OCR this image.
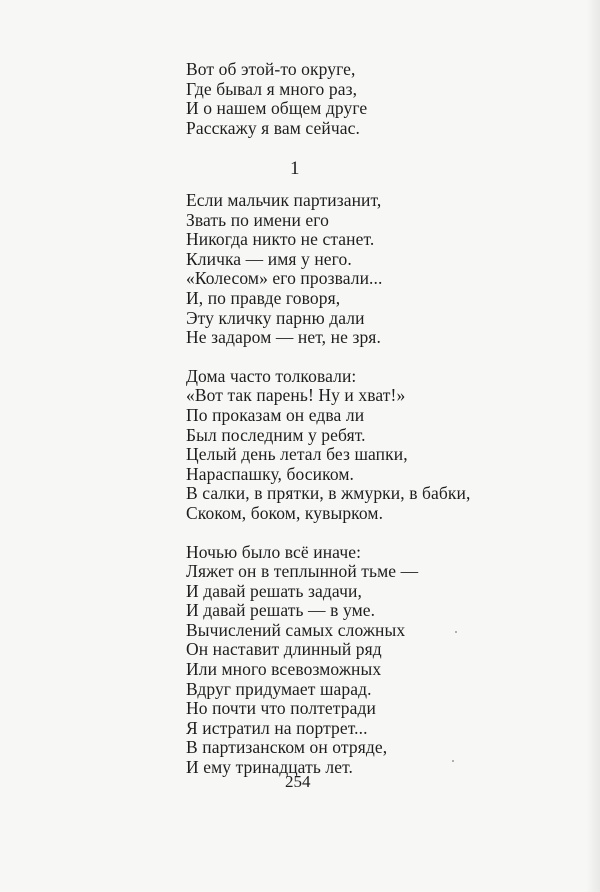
Вот об этой-то округе,
Где бывал я много раз,
И о нашем общем друге
Расскажу я вам сейчас.
1
Если мальчик партизанит,
Звать по имени его
Никогда никто не станет.
Кличка — имя у него.
«Колесом» его прозвали...
И, по правде говоря,
Эту кличку парню дали
Не задаром — нет, не зря.
Дома часто толковали:
«Вот так парень! Ну и хват!»
По проказам он едва ли
Был последним у ребят.
Целый день летал без шапки,
Нараспашку, босиком.
В салки, в прятки, в жмурки, в бабки,
Скоком, боком, кувырком.
Ночью было всё иначе:
Ляжет он в теплынной тьме —
И давай решать задачи,
И давай решать — в уме.
Вычислений самых сложных
Он наставит длинный ряд
Или много всевозможных
Вдруг придумает шарад.
Но почти что полтетради
Я истратил на портрет...
В партизанском он отряде,
И ему тринадцать лет.
254
